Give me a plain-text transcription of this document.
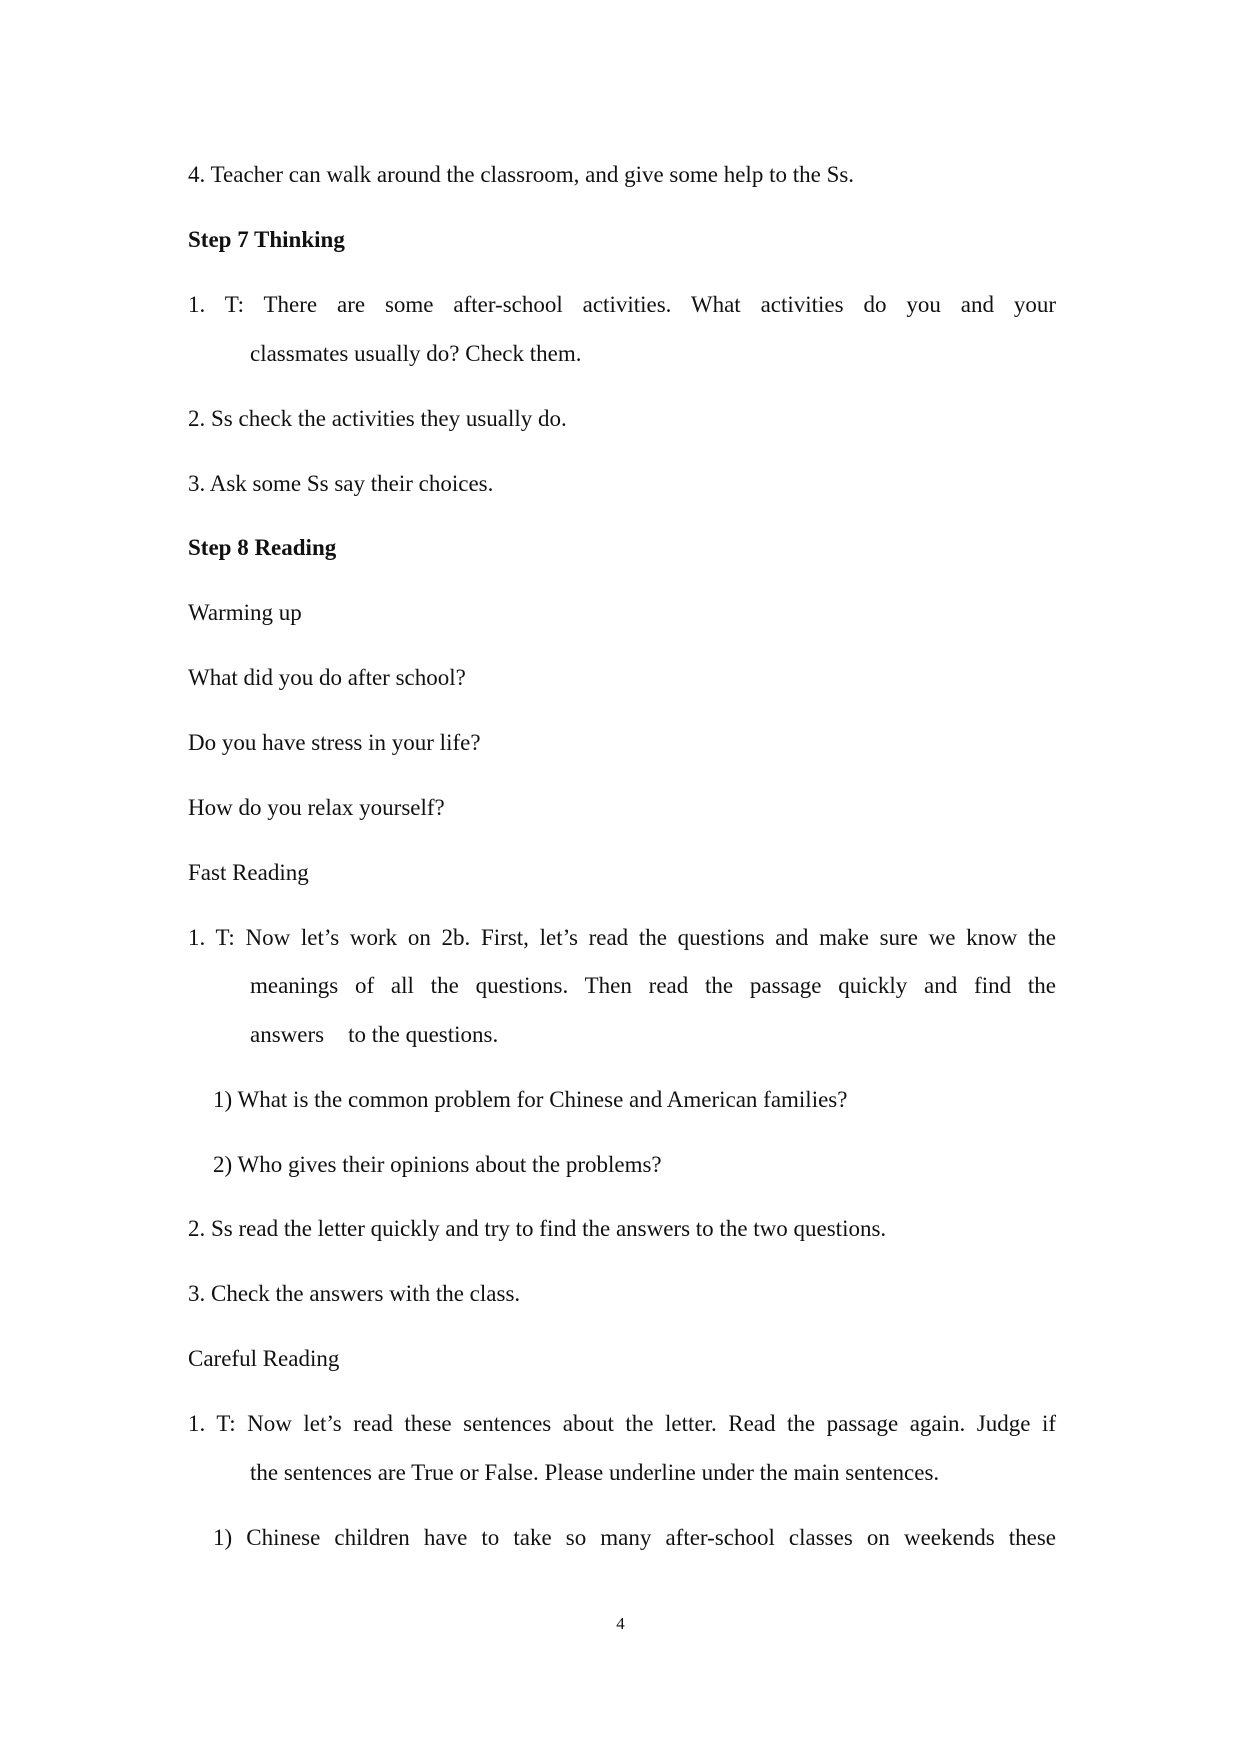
4. Teacher can walk around the classroom, and give some help to the Ss.
Step 7 Thinking
1. T: There are some after-school activities. What activities do you and your
classmates usually do? Check them.
2. Ss check the activities they usually do.
3. Ask some Ss say their choices.
Step 8 Reading
Warming up
What did you do after school?
Do you have stress in your life?
How do you relax yourself?
Fast Reading
1. T: Now let’s work on 2b. First, let’s read the questions and make sure we know the
meanings of all the questions. Then read the passage quickly and find the
answers to the questions.
1) What is the common problem for Chinese and American families?
2) Who gives their opinions about the problems?
2. Ss read the letter quickly and try to find the answers to the two questions.
3. Check the answers with the class.
Careful Reading
1. T: Now let’s read these sentences about the letter. Read the passage again. Judge if
the sentences are True or False. Please underline under the main sentences.
1) Chinese children have to take so many after-school classes on weekends these
4
